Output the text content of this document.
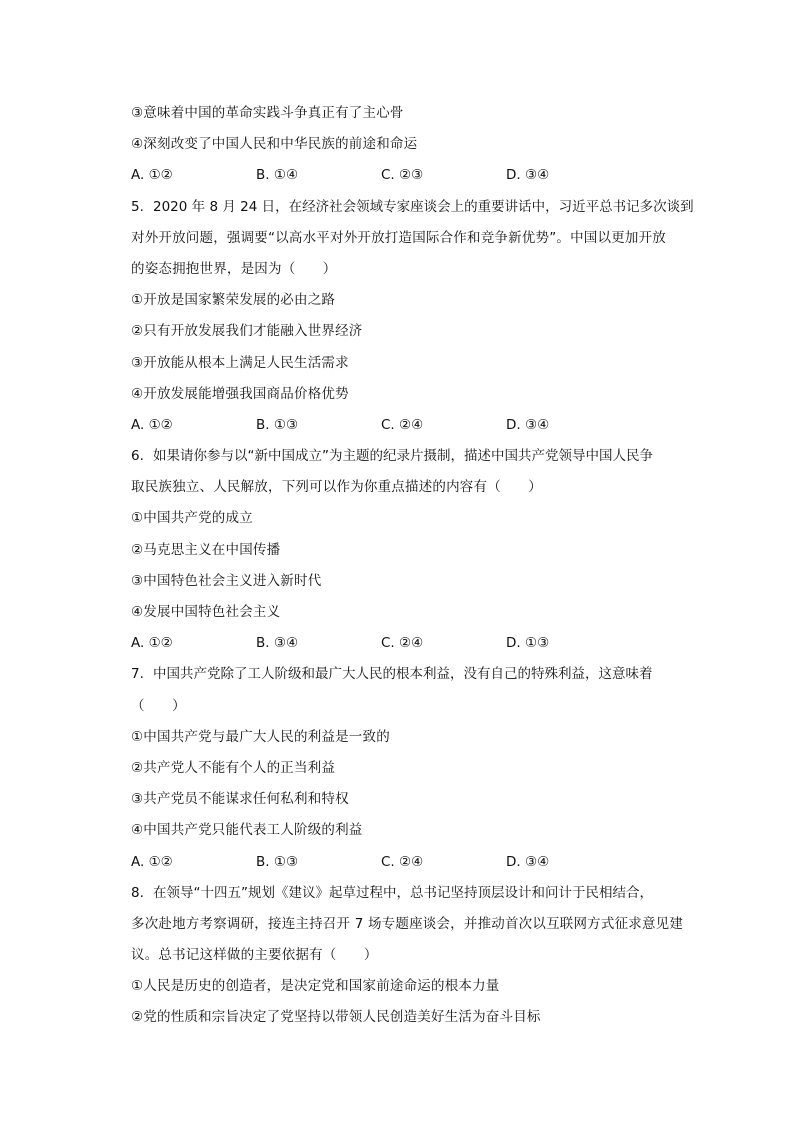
③意味着中国的革命实践斗争真正有了主心骨
④深刻改变了中国人民和中华民族的前途和命运
A. ①②	B. ①④	C. ②③	D. ③④
5. 2020 年 8 月 24 日，在经济社会领域专家座谈会上的重要讲话中，习近平总书记多次谈到
对外开放问题，强调要“以高水平对外开放打造国际合作和竞争新优势”。中国以更加开放
的姿态拥抱世界，是因为（　　）
①开放是国家繁荣发展的必由之路
②只有开放发展我们才能融入世界经济
③开放能从根本上满足人民生活需求
④开放发展能增强我国商品价格优势
A. ①②	B. ①③	C. ②④	D. ③④
6. 如果请你参与以“新中国成立”为主题的纪录片摄制，描述中国共产党领导中国人民争
取民族独立、人民解放，下列可以作为你重点描述的内容有（　　）
①中国共产党的成立
②马克思主义在中国传播
③中国特色社会主义进入新时代
④发展中国特色社会主义
A. ①②	B. ③④	C. ②④	D. ①③
7. 中国共产党除了工人阶级和最广大人民的根本利益，没有自己的特殊利益，这意味着
（　　）
①中国共产党与最广大人民的利益是一致的
②共产党人不能有个人的正当利益
③共产党员不能谋求任何私利和特权
④中国共产党只能代表工人阶级的利益
A. ①②	B. ①③	C. ②④	D. ③④
8. 在领导“十四五”规划《建议》起草过程中，总书记坚持顶层设计和问计于民相结合，
多次赴地方考察调研，接连主持召开 7 场专题座谈会，并推动首次以互联网方式征求意见建
议。总书记这样做的主要依据有（　　）
①人民是历史的创造者，是决定党和国家前途命运的根本力量
②党的性质和宗旨决定了党坚持以带领人民创造美好生活为奋斗目标
